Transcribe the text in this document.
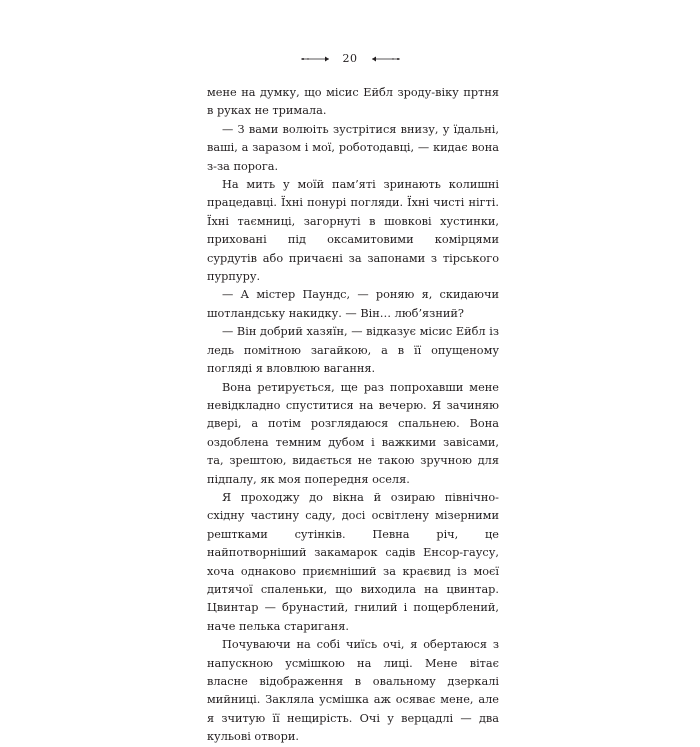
20

мене на думку, що місис Ейбл зроду-віку пртня в руках не тримала.

— З вами волюіть зустрітися внизу, у їдальні, ваші, а заразом і мої, роботодавці, — кидає вона з-за порога.

На мить у моїй пам’яті зринають колишні працедавці. Їхні понурі погляди. Їхні чисті нігті. Їхні таємниці, загорнуті в шовкові хустинки, приховані під оксамитовими комірцями сурдутів або причаєні за запонами з тірського пурпуру.

— А містер Паундс, — роняю я, скидаючи шотландську накидку. — Він… люб’язний?

— Він добрий хазяїн, — відказує місис Ейбл із ледь помітною загайкою, а в її опущеному погляді я вловлюю вагання.

Вона ретирується, ще раз попрохавши мене невідкладно спуститися на вечерю. Я зачиняю двері, а потім розглядаюся спальнею. Вона оздоблена темним дубом і важкими завісами, та, зрештою, видається не такою зручною для підпалу, як моя попередня оселя.

Я проходжу до вікна й озираю північно-східну частину саду, досі освітлену мізерними рештками сутінків. Певна річ, це найпотворніший закамарок садів Енсор-гаусу, хоча однаково приємніший за краєвид із моєї дитячої спаленьки, що виходила на цвинтар. Цвинтар — брунастий, гнилий і пощерблений, наче пелька стариганя.

Почуваючи на собі чиїсь очі, я обертаюся з напускною усмішкою на лиці. Мене вітає власне відображення в овальному дзеркалі мийниці. Закляла усмішка аж осяває мене, але я зчитую її нещирість. Очі у верцадлі — два кульові отвори.
